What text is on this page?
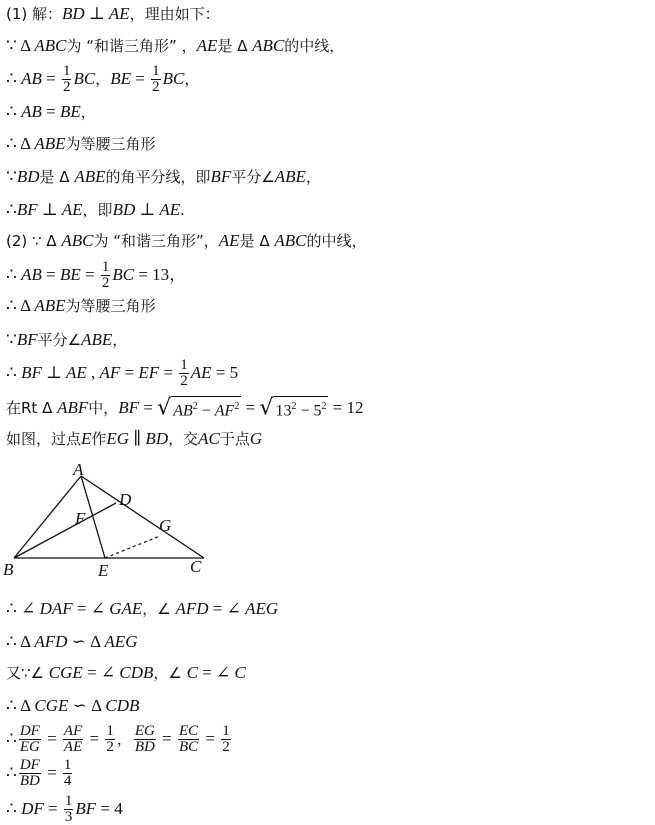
(1) 解：BD ⊥ AE，理由如下：
∵ Δ ABC为 “和谐三角形” ，AE是 Δ ABC的中线，
∴ AB = $\frac{1}{2}$ BC，BE = $\frac{1}{2}$ BC，
∴ AB = BE，
∴ Δ ABE为等腰三角形
∵BD是 Δ ABE的角平分线，即BF平分∠ABE，
∴BF ⊥ AE，即BD ⊥ AE.
(2) ∵ Δ ABC为 “和谐三角形”，AE是 Δ ABC的中线，
∴ AB = BE = $\frac{1}{2}$ BC = 13，
∴ Δ ABE为等腰三角形
∵BF平分∠ABE，
∴ BF ⊥ AE , AF = EF = $\frac{1}{2}$ AE = 5
在Rt Δ ABF中，BF = √ $AB^2 - AF^2$ = √ $13^2 - 5^2 = 12$
如图，过点E作EG ∥ BD，交AC于点G
A
B	C
D
E
F	G
∴ ∠ DAF = ∠ GAE，∠ AFD = ∠ AEG
∴ Δ AFD ∽ Δ AEG
又∵∠ CGE = ∠ CDB，∠ C = ∠ C
∴ Δ CGE ∽ Δ CDB
∴ $\frac{DF}{EG} = \frac{AF}{AE} = \frac{1}{2}$ ， $\frac{EG}{BD} = \frac{EC}{BC} = \frac{1}{2}$
∴ $\frac{DF}{BD} = \frac{1}{4}$
∴ DF = $\frac{1}{3}$ BF = 4
